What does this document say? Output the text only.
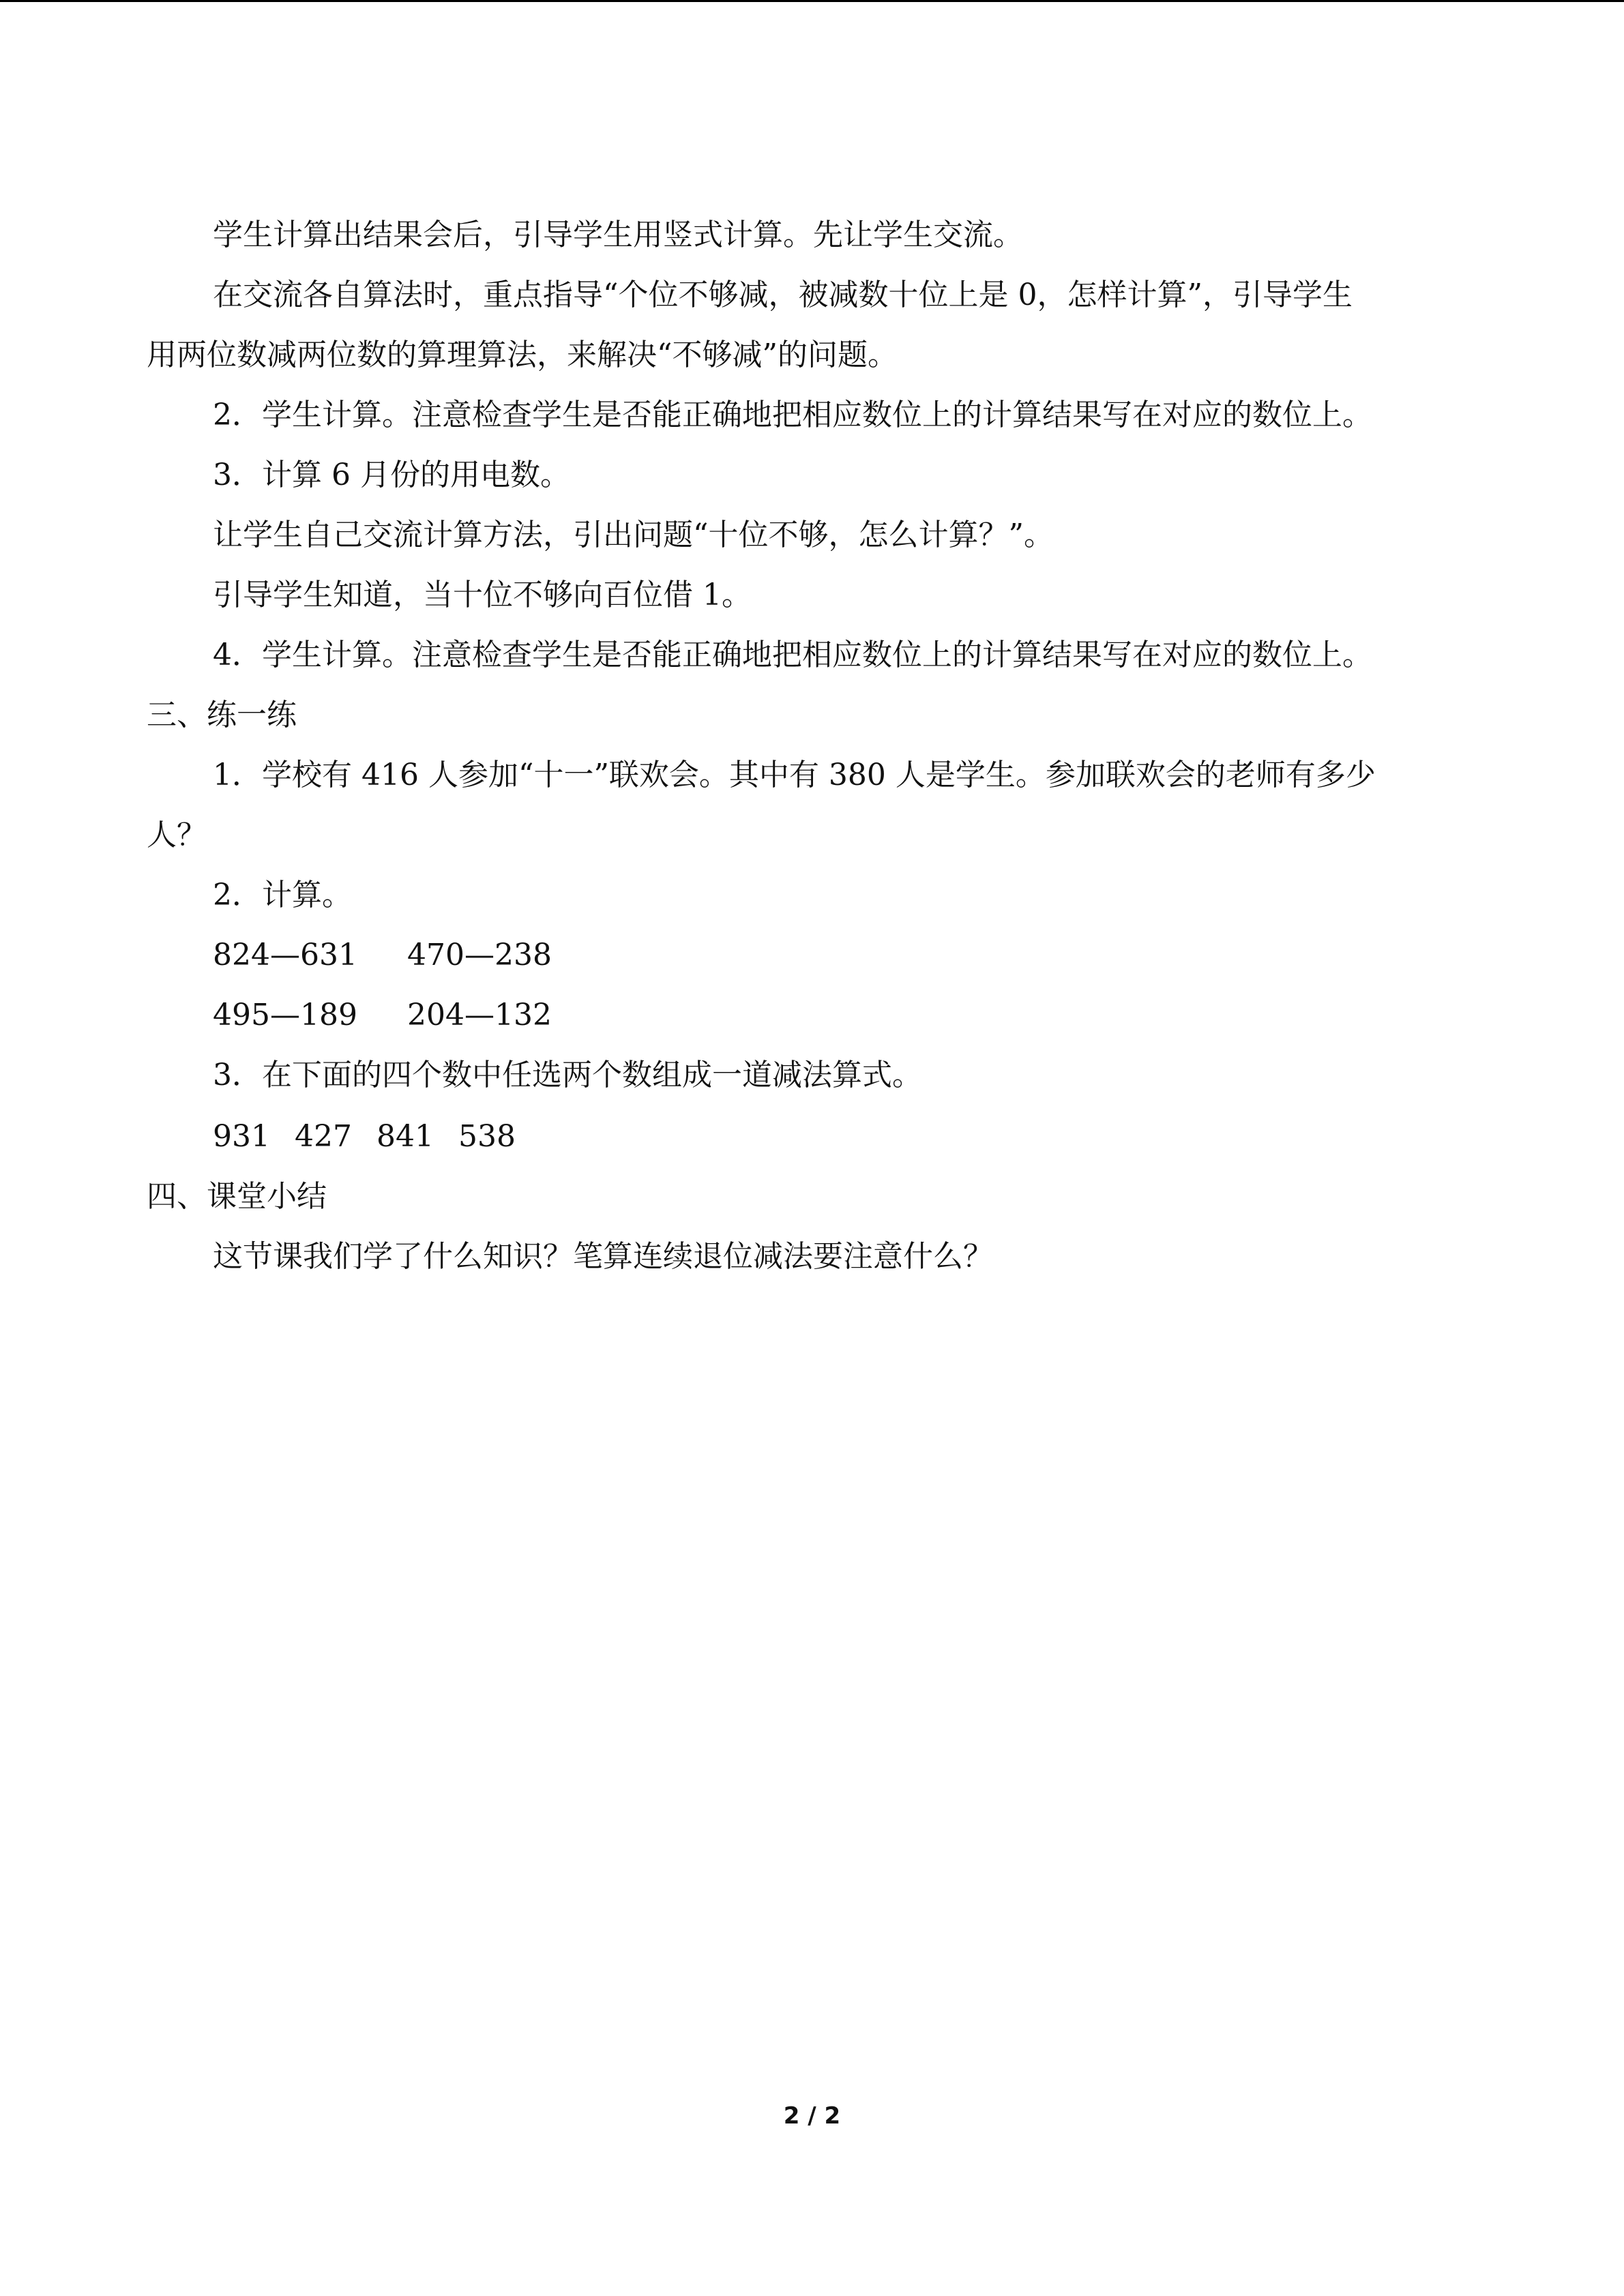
学生计算出结果会后，引导学生用竖式计算。先让学生交流。
在交流各自算法时，重点指导“个位不够减，被减数十位上是 0，怎样计算”，引导学生
用两位数减两位数的算理算法，来解决“不够减”的问题。
2．学生计算。注意检查学生是否能正确地把相应数位上的计算结果写在对应的数位上。
3．计算 6 月份的用电数。
让学生自己交流计算方法，引出问题“十位不够，怎么计算？”。
引导学生知道，当十位不够向百位借 1。
4．学生计算。注意检查学生是否能正确地把相应数位上的计算结果写在对应的数位上。
三、练一练
1．学校有 416 人参加“十一”联欢会。其中有 380 人是学生。参加联欢会的老师有多少
人？
2．计算。
824—631 470—238
495—189 204—132
3．在下面的四个数中任选两个数组成一道减法算式。
931 427 841 538
四、课堂小结
这节课我们学了什么知识？笔算连续退位减法要注意什么？
2 / 2
